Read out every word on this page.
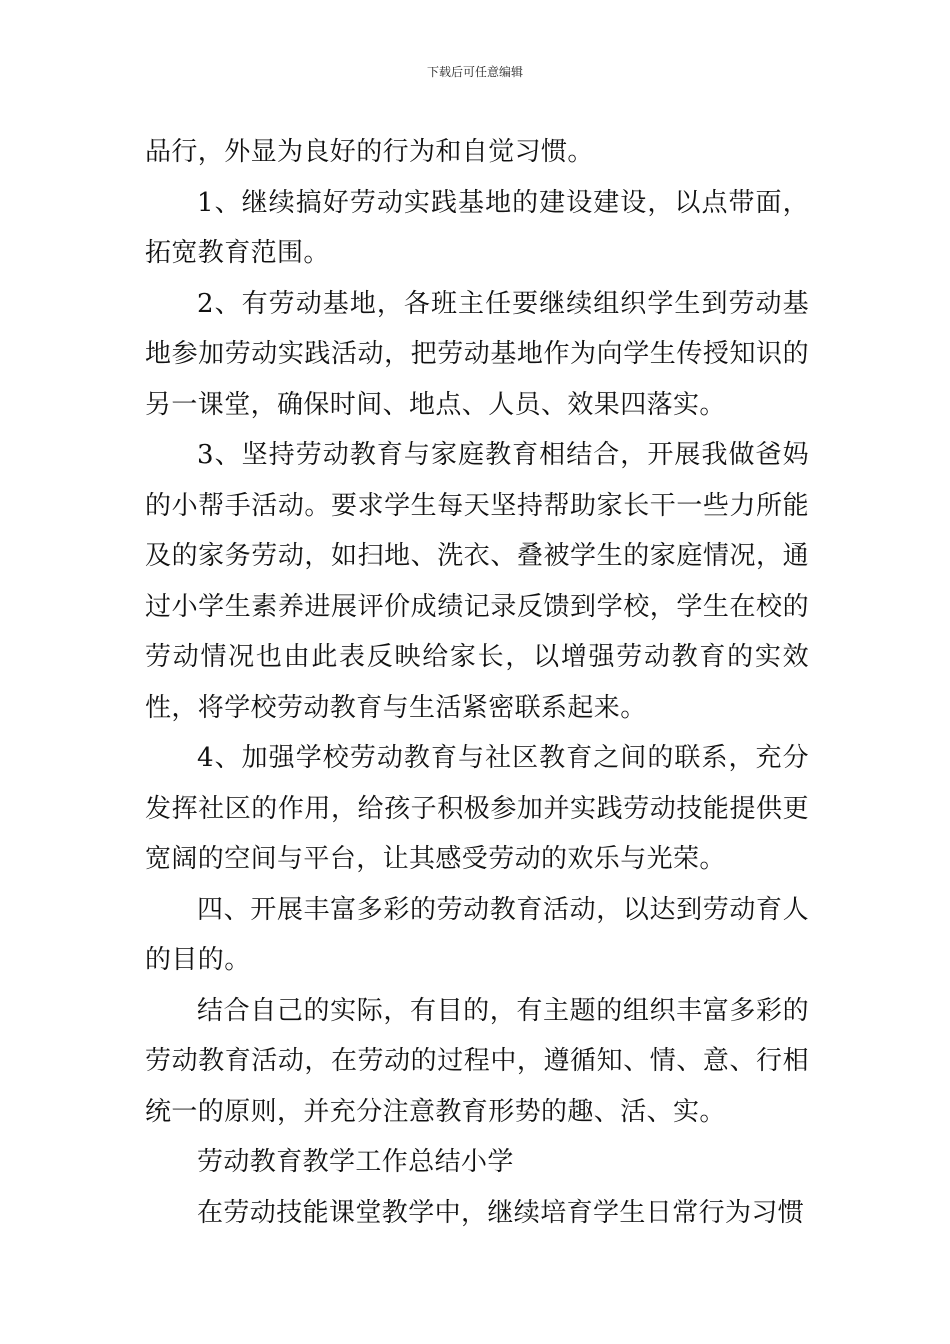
下载后可任意编辑

品行，外显为良好的行为和自觉习惯。

1、继续搞好劳动实践基地的建设建设，以点带面，拓宽教育范围。

2、有劳动基地，各班主任要继续组织学生到劳动基地参加劳动实践活动，把劳动基地作为向学生传授知识的另一课堂，确保时间、地点、人员、效果四落实。

3、坚持劳动教育与家庭教育相结合，开展我做爸妈的小帮手活动。要求学生每天坚持帮助家长干一些力所能及的家务劳动，如扫地、洗衣、叠被学生的家庭情况，通过小学生素养进展评价成绩记录反馈到学校，学生在校的劳动情况也由此表反映给家长，以增强劳动教育的实效性，将学校劳动教育与生活紧密联系起来。

4、加强学校劳动教育与社区教育之间的联系，充分发挥社区的作用，给孩子积极参加并实践劳动技能提供更宽阔的空间与平台，让其感受劳动的欢乐与光荣。

四、开展丰富多彩的劳动教育活动，以达到劳动育人的目的。

结合自己的实际，有目的，有主题的组织丰富多彩的劳动教育活动，在劳动的过程中，遵循知、情、意、行相统一的原则，并充分注意教育形势的趣、活、实。

劳动教育教学工作总结小学

在劳动技能课堂教学中，继续培育学生日常行为习惯
